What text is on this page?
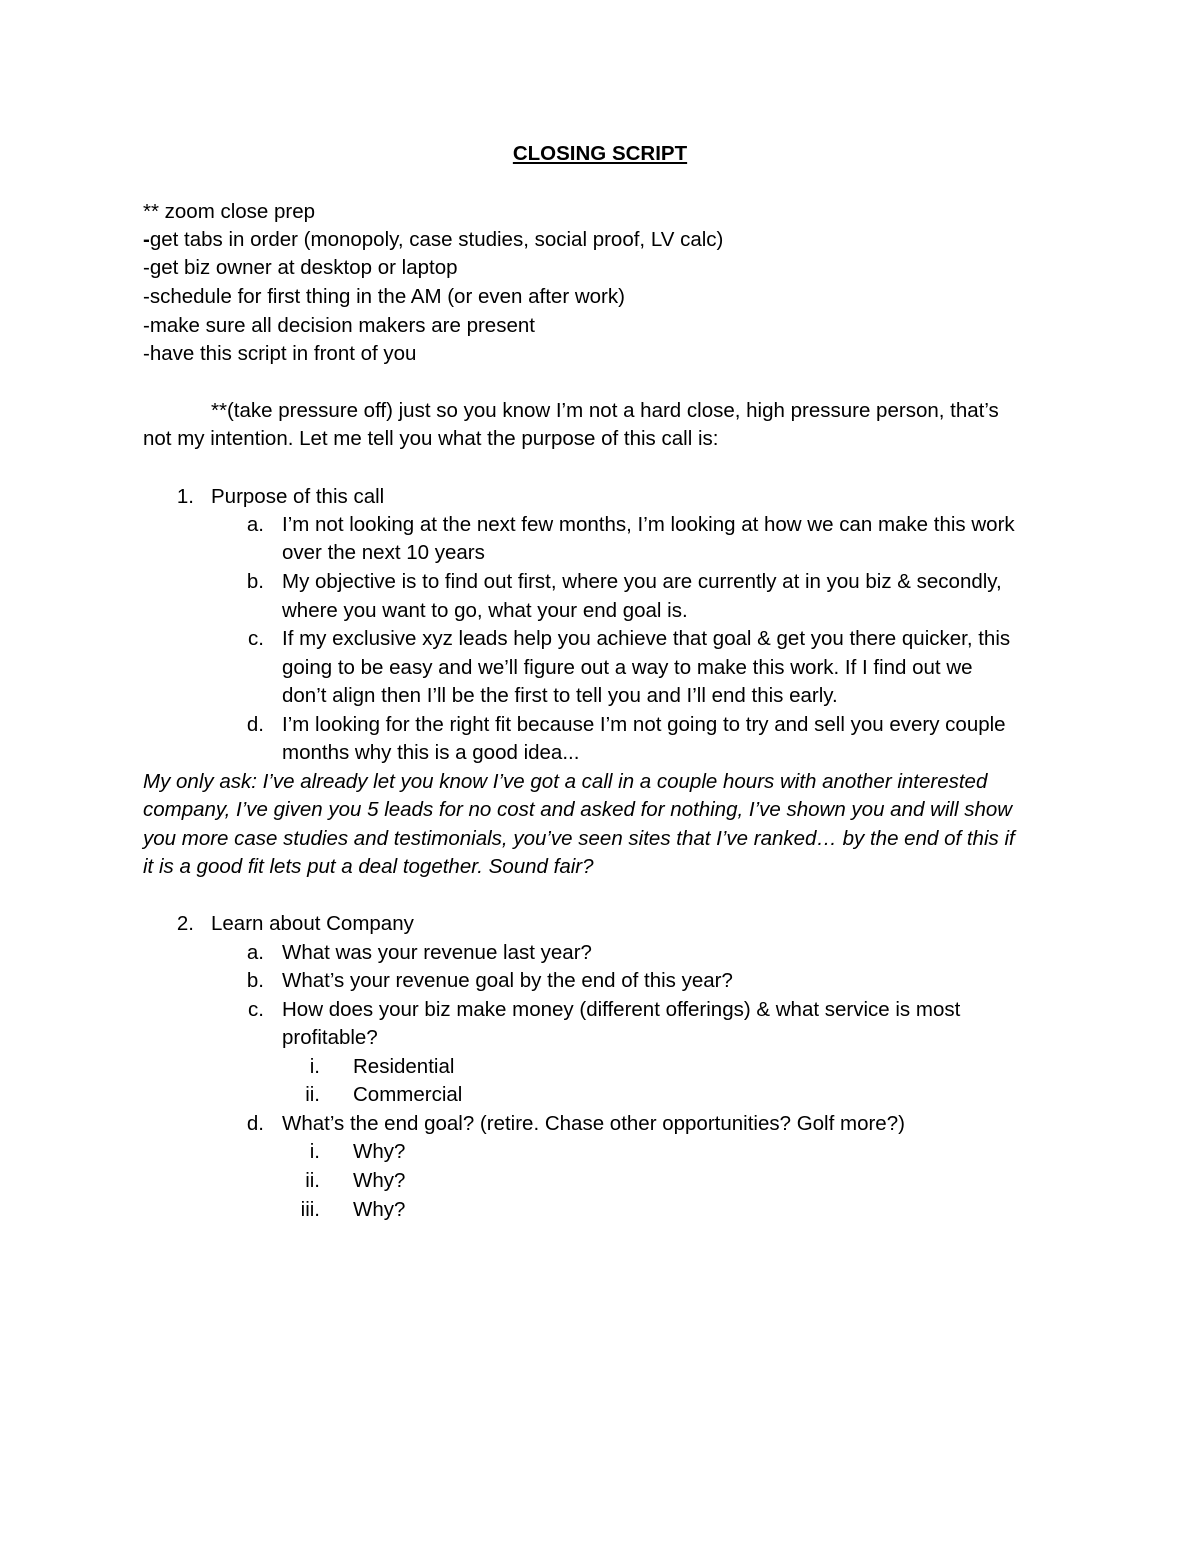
CLOSING SCRIPT
** zoom close prep
-get tabs in order (monopoly, case studies, social proof, LV calc)
-get biz owner at desktop or laptop
-schedule for first thing in the AM (or even after work)
-make sure all decision makers are present
-have this script in front of you
**(take pressure off) just so you know I’m not a hard close, high pressure person, that’s
not my intention. Let me tell you what the purpose of this call is:
1. Purpose of this call
a. I’m not looking at the next few months, I’m looking at how we can make this work
over the next 10 years
b. My objective is to find out first, where you are currently at in you biz & secondly,
where you want to go, what your end goal is.
c. If my exclusive xyz leads help you achieve that goal & get you there quicker, this
going to be easy and we’ll figure out a way to make this work. If I find out we
don’t align then I’ll be the first to tell you and I’ll end this early.
d. I’m looking for the right fit because I’m not going to try and sell you every couple
months why this is a good idea...
My only ask: I’ve already let you know I’ve got a call in a couple hours with another interested
company, I’ve given you 5 leads for no cost and asked for nothing, I’ve shown you and will show
you more case studies and testimonials, you’ve seen sites that I’ve ranked… by the end of this if
it is a good fit lets put a deal together. Sound fair?
2. Learn about Company
a. What was your revenue last year?
b. What’s your revenue goal by the end of this year?
c. How does your biz make money (different offerings) & what service is most
profitable?
i. Residential
ii. Commercial
d. What’s the end goal? (retire. Chase other opportunities? Golf more?)
i. Why?
ii. Why?
iii. Why?
